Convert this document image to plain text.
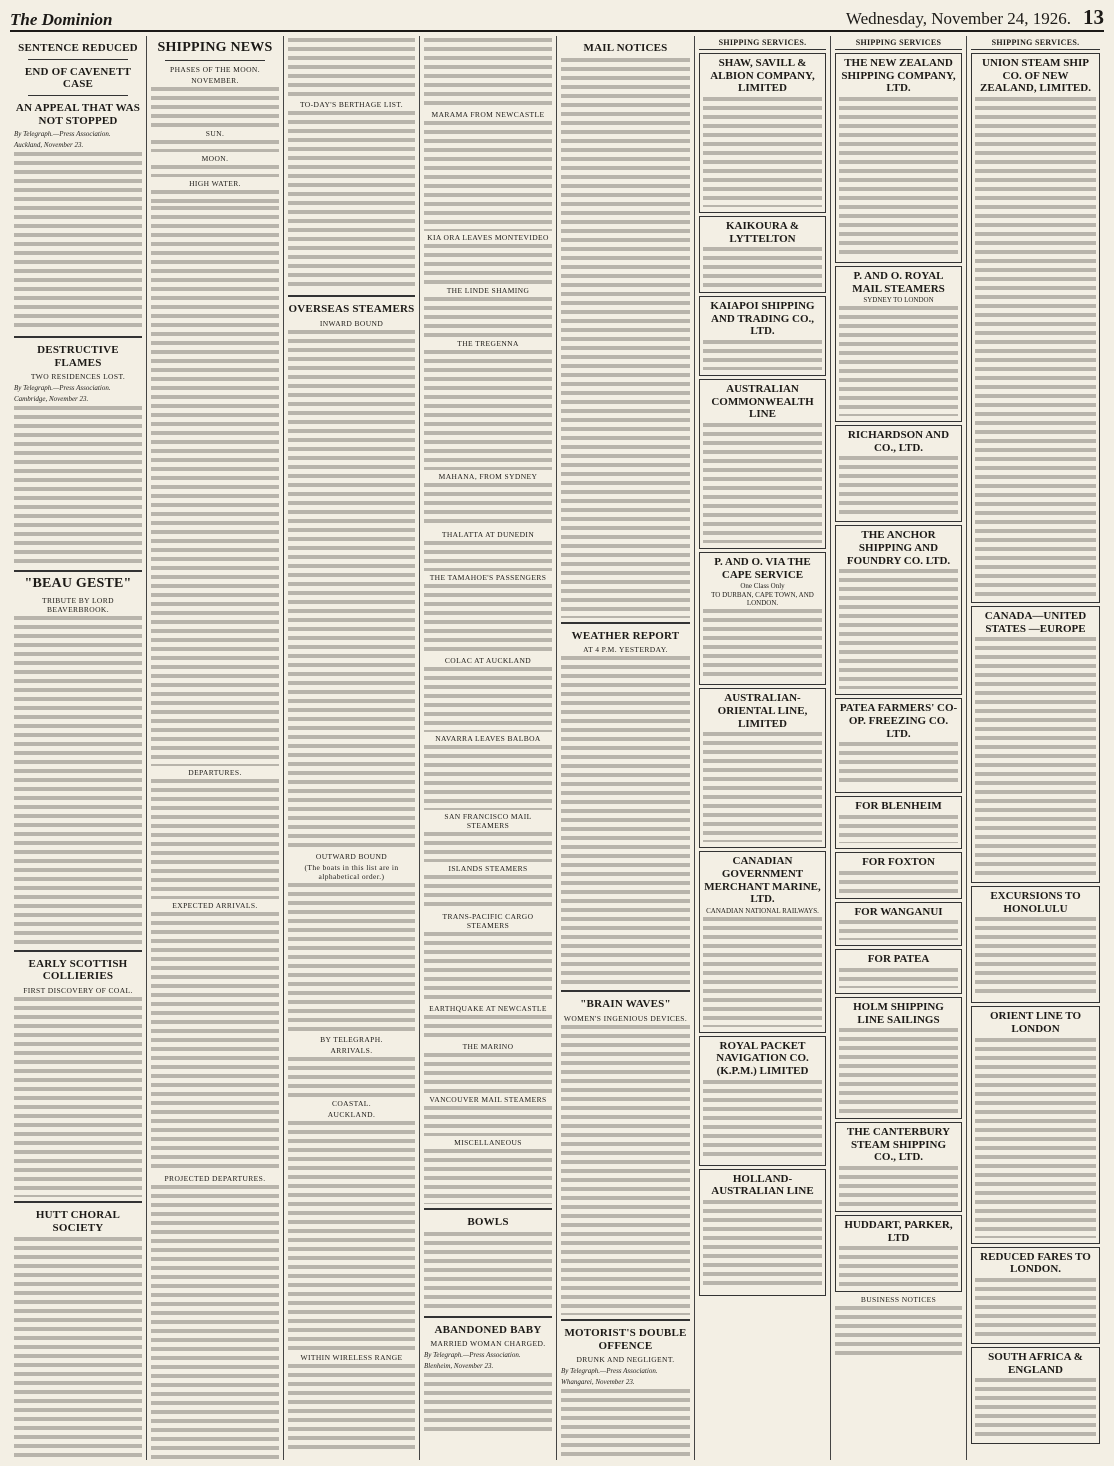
The Dominion	Wednesday, November 24, 1926. 13
SENTENCE REDUCED
END OF CAVENETT CASE
AN APPEAL THAT WAS NOT STOPPED
By Telegraph.—Press Association.
Auckland, November 23.
DESTRUCTIVE FLAMES
TWO RESIDENCES LOST.
By Telegraph.—Press Association.
Cambridge, November 23.
"BEAU GESTE"
TRIBUTE BY LORD BEAVERBROOK.
EARLY SCOTTISH COLLIERIES
FIRST DISCOVERY OF COAL.
HUTT CHORAL SOCIETY
SHIPPING NEWS
PHASES OF THE MOON.
NOVEMBER.
SUN.
MOON.
HIGH WATER.
DEPARTURES.
EXPECTED ARRIVALS.
PROJECTED DEPARTURES.
TO-DAY'S BERTHAGE LIST.
OVERSEAS STEAMERS
INWARD BOUND
OUTWARD BOUND
(The boats in this list are in alphabetical order.)
BY TELEGRAPH.
ARRIVALS.
COASTAL.
AUCKLAND.
WITHIN WIRELESS RANGE
MARAMA FROM NEWCASTLE
KIA ORA LEAVES MONTEVIDEO
THE LINDE SHAMING
THE TREGENNA
MAHANA, FROM SYDNEY
THALATTA AT DUNEDIN
THE TAMAHOE'S PASSENGERS
COLAC AT AUCKLAND
NAVARRA LEAVES BALBOA
SAN FRANCISCO MAIL STEAMERS
ISLANDS STEAMERS
TRANS-PACIFIC CARGO STEAMERS
EARTHQUAKE AT NEWCASTLE
THE MARINO
VANCOUVER MAIL STEAMERS
MISCELLANEOUS
BOWLS
ABANDONED BABY
MARRIED WOMAN CHARGED.
By Telegraph.—Press Association.
Blenheim, November 23.
MAIL NOTICES
WEATHER REPORT
AT 4 P.M. YESTERDAY.
"BRAIN WAVES"
WOMEN'S INGENIOUS DEVICES.
MOTORIST'S DOUBLE OFFENCE
DRUNK AND NEGLIGENT.
By Telegraph.—Press Association.
Whangarei, November 23.
SHIPPING SERVICES.
SHAW, SAVILL & ALBION COMPANY, LIMITED
KAIKOURA & LYTTELTON
KAIAPOI SHIPPING AND TRADING CO., LTD.
AUSTRALIAN COMMONWEALTH LINE
P. AND O. VIA THE CAPE SERVICE
One Class Only
TO DURBAN, CAPE TOWN, AND LONDON.
AUSTRALIAN-ORIENTAL LINE, LIMITED
CANADIAN GOVERNMENT MERCHANT MARINE, LTD.
CANADIAN NATIONAL RAILWAYS.
ROYAL PACKET NAVIGATION CO. (K.P.M.) LIMITED
HOLLAND-AUSTRALIAN LINE
SHIPPING SERVICES
THE NEW ZEALAND SHIPPING COMPANY, LTD.
P. AND O. ROYAL MAIL STEAMERS
SYDNEY TO LONDON
RICHARDSON AND CO., LTD.
THE ANCHOR SHIPPING AND FOUNDRY CO. LTD.
PATEA FARMERS' CO-OP. FREEZING CO. LTD.
FOR BLENHEIM
FOR FOXTON
FOR WANGANUI
FOR PATEA
HOLM SHIPPING LINE SAILINGS
THE CANTERBURY STEAM SHIPPING CO., LTD.
HUDDART, PARKER, LTD
BUSINESS NOTICES
SHIPPING SERVICES.
UNION STEAM SHIP CO. OF NEW ZEALAND, LIMITED.
CANADA—UNITED STATES —EUROPE
EXCURSIONS TO HONOLULU
ORIENT LINE TO LONDON
REDUCED FARES TO LONDON.
SOUTH AFRICA & ENGLAND
